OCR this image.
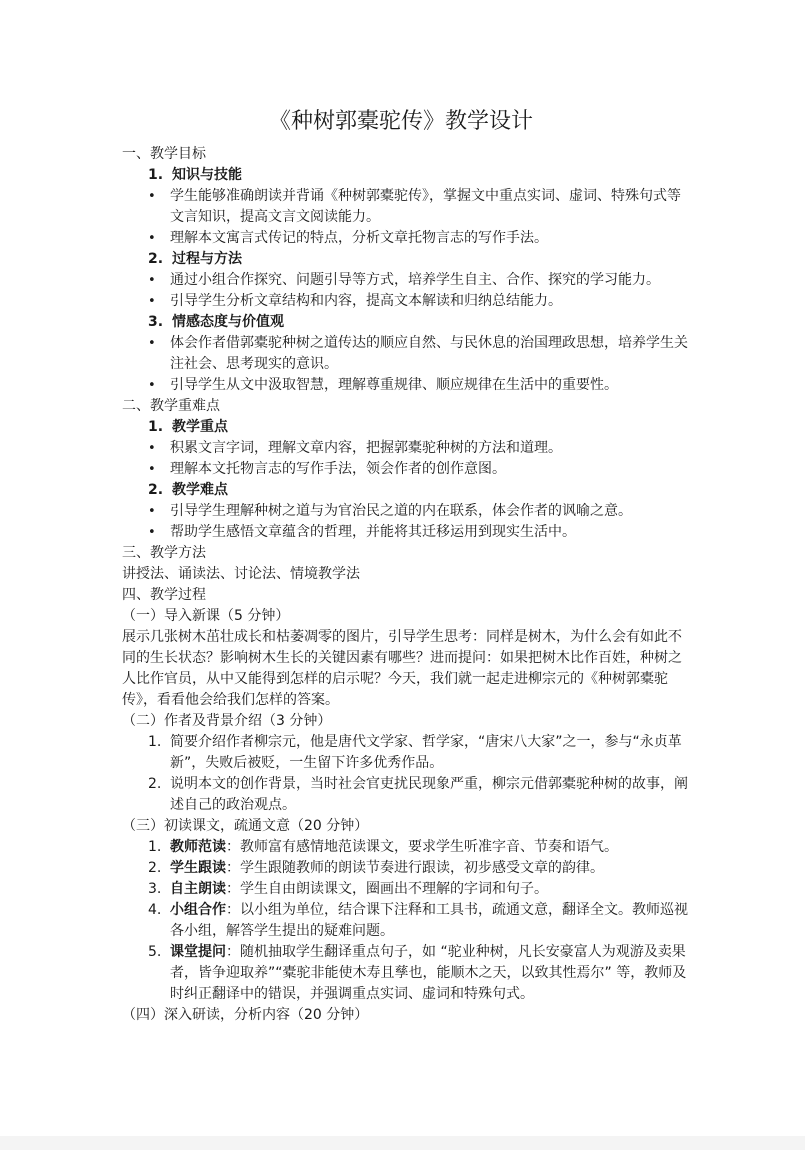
《种树郭橐驼传》教学设计
一、教学目标
1. 知识与技能
• 学生能够准确朗读并背诵《种树郭橐驼传》，掌握文中重点实词、虚词、特殊句式等文言知识，提高文言文阅读能力。
• 理解本文寓言式传记的特点，分析文章托物言志的写作手法。
2. 过程与方法
• 通过小组合作探究、问题引导等方式，培养学生自主、合作、探究的学习能力。
• 引导学生分析文章结构和内容，提高文本解读和归纳总结能力。
3. 情感态度与价值观
• 体会作者借郭橐驼种树之道传达的顺应自然、与民休息的治国理政思想，培养学生关注社会、思考现实的意识。
• 引导学生从文中汲取智慧，理解尊重规律、顺应规律在生活中的重要性。
二、教学重难点
1. 教学重点
• 积累文言字词，理解文章内容，把握郭橐驼种树的方法和道理。
• 理解本文托物言志的写作手法，领会作者的创作意图。
2. 教学难点
• 引导学生理解种树之道与为官治民之道的内在联系，体会作者的讽喻之意。
• 帮助学生感悟文章蕴含的哲理，并能将其迁移运用到现实生活中。
三、教学方法
讲授法、诵读法、讨论法、情境教学法
四、教学过程
（一）导入新课（5 分钟）
展示几张树木茁壮成长和枯萎凋零的图片，引导学生思考：同样是树木，为什么会有如此不同的生长状态？影响树木生长的关键因素有哪些？进而提问：如果把树木比作百姓，种树之人比作官员，从中又能得到怎样的启示呢？今天，我们就一起走进柳宗元的《种树郭橐驼传》，看看他会给我们怎样的答案。
（二）作者及背景介绍（3 分钟）
1. 简要介绍作者柳宗元，他是唐代文学家、哲学家，“唐宋八大家”之一，参与“永贞革新”，失败后被贬，一生留下许多优秀作品。
2. 说明本文的创作背景，当时社会官吏扰民现象严重，柳宗元借郭橐驼种树的故事，阐述自己的政治观点。
（三）初读课文，疏通文意（20 分钟）
1. 教师范读：教师富有感情地范读课文，要求学生听准字音、节奏和语气。
2. 学生跟读：学生跟随教师的朗读节奏进行跟读，初步感受文章的韵律。
3. 自主朗读：学生自由朗读课文，圈画出不理解的字词和句子。
4. 小组合作：以小组为单位，结合课下注释和工具书，疏通文意，翻译全文。教师巡视各小组，解答学生提出的疑难问题。
5. 课堂提问：随机抽取学生翻译重点句子，如 “驼业种树，凡长安豪富人为观游及卖果者，皆争迎取养”“橐驼非能使木寿且孳也，能顺木之天，以致其性焉尔” 等，教师及时纠正翻译中的错误，并强调重点实词、虚词和特殊句式。
（四）深入研读，分析内容（20 分钟）
